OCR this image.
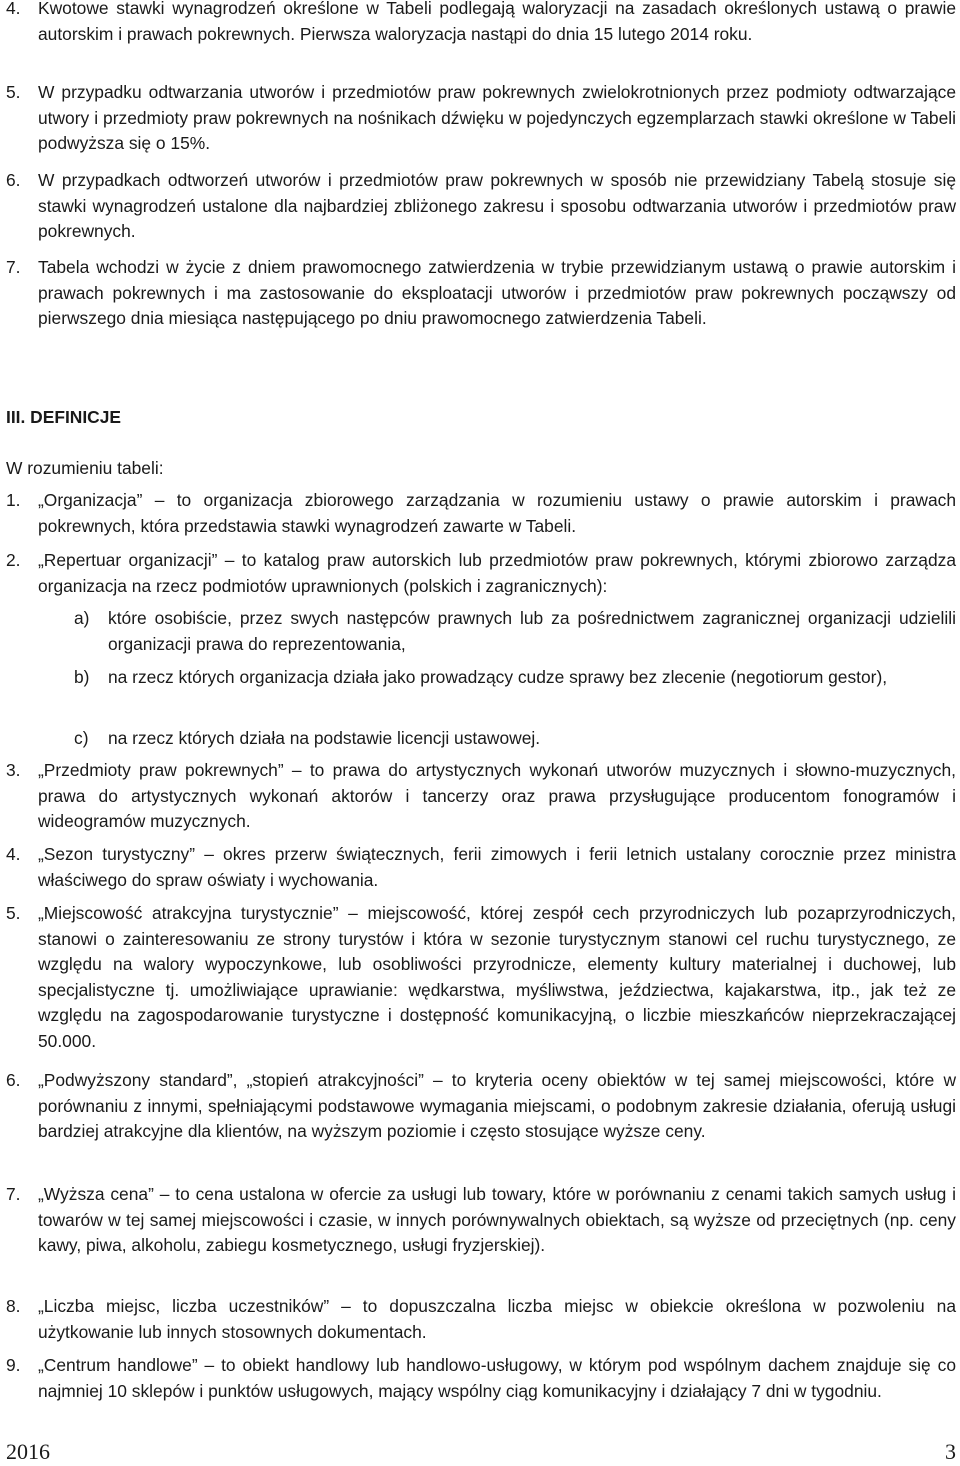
4. Kwotowe stawki wynagrodzeń określone w Tabeli podlegają waloryzacji na zasadach określonych ustawą o prawie autorskim i prawach pokrewnych. Pierwsza waloryzacja nastąpi do dnia 15 lutego 2014 roku.
5. W przypadku odtwarzania utworów i przedmiotów praw pokrewnych zwielokrotnionych przez podmioty odtwarzające utwory i przedmioty praw pokrewnych na nośnikach dźwięku w pojedynczych egzemplarzach stawki określone w Tabeli podwyższa się o 15%.
6. W przypadkach odtworzeń utworów i przedmiotów praw pokrewnych w sposób nie przewidziany Tabelą stosuje się stawki wynagrodzeń ustalone dla najbardziej zbliżonego zakresu i sposobu odtwarzania utworów i przedmiotów praw pokrewnych.
7. Tabela wchodzi w życie z dniem prawomocnego zatwierdzenia w trybie przewidzianym ustawą o prawie autorskim i prawach pokrewnych i ma zastosowanie do eksploatacji utworów i przedmiotów praw pokrewnych począwszy od pierwszego dnia miesiąca następującego po dniu prawomocnego zatwierdzenia Tabeli.
III. DEFINICJE
W rozumieniu tabeli:
1. „Organizacja” – to organizacja zbiorowego zarządzania w rozumieniu ustawy o prawie autorskim i prawach pokrewnych, która przedstawia stawki wynagrodzeń zawarte w Tabeli.
2. „Repertuar organizacji” – to katalog praw autorskich lub przedmiotów praw pokrewnych, którymi zbiorowo zarządza organizacja na rzecz podmiotów uprawnionych (polskich i zagranicznych):
a) które osobiście, przez swych następców prawnych lub za pośrednictwem zagranicznej organizacji udzielili organizacji prawa do reprezentowania,
b) na rzecz których organizacja działa jako prowadzący cudze sprawy bez zlecenie (negotiorum gestor),
c) na rzecz których działa na podstawie licencji ustawowej.
3. „Przedmioty praw pokrewnych” – to prawa do artystycznych wykonań utworów muzycznych i słowno-muzycznych, prawa do artystycznych wykonań aktorów i tancerzy oraz prawa przysługujące producentom fonogramów i wideogramów muzycznych.
4. „Sezon turystyczny” – okres przerw świątecznych, ferii zimowych i ferii letnich ustalany corocznie przez ministra właściwego do spraw oświaty i wychowania.
5. „Miejscowość atrakcyjna turystycznie” – miejscowość, której zespół cech przyrodniczych lub pozaprzyrodniczych, stanowi o zainteresowaniu ze strony turystów i która w sezonie turystycznym stanowi cel ruchu turystycznego, ze względu na walory wypoczynkowe, lub osobliwości przyrodnicze, elementy kultury materialnej i duchowej, lub specjalistyczne tj. umożliwiające uprawianie: wędkarstwa, myśliwstwa, jeździectwa, kajakarstwa, itp., jak też ze względu na zagospodarowanie turystyczne i dostępność komunikacyjną, o liczbie mieszkańców nieprzekraczającej 50.000.
6. „Podwyższony standard”, „stopień atrakcyjności” – to kryteria oceny obiektów w tej samej miejscowości, które w porównaniu z innymi, spełniającymi podstawowe wymagania miejscami, o podobnym zakresie działania, oferują usługi bardziej atrakcyjne dla klientów, na wyższym poziomie i często stosujące wyższe ceny.
7. „Wyższa cena” – to cena ustalona w ofercie za usługi lub towary, które w porównaniu z cenami takich samych usług i towarów w tej samej miejscowości i czasie, w innych porównywalnych obiektach, są wyższe od przeciętnych (np. ceny kawy, piwa, alkoholu, zabiegu kosmetycznego, usługi fryzjerskiej).
8. „Liczba miejsc, liczba uczestników” – to dopuszczalna liczba miejsc w obiekcie określona w pozwoleniu na użytkowanie lub innych stosownych dokumentach.
9. „Centrum handlowe” – to obiekt handlowy lub handlowo-usługowy, w którym pod wspólnym dachem znajduje się co najmniej 10 sklepów i punktów usługowych, mający wspólny ciąg komunikacyjny i działający 7 dni w tygodniu.
2016	3
